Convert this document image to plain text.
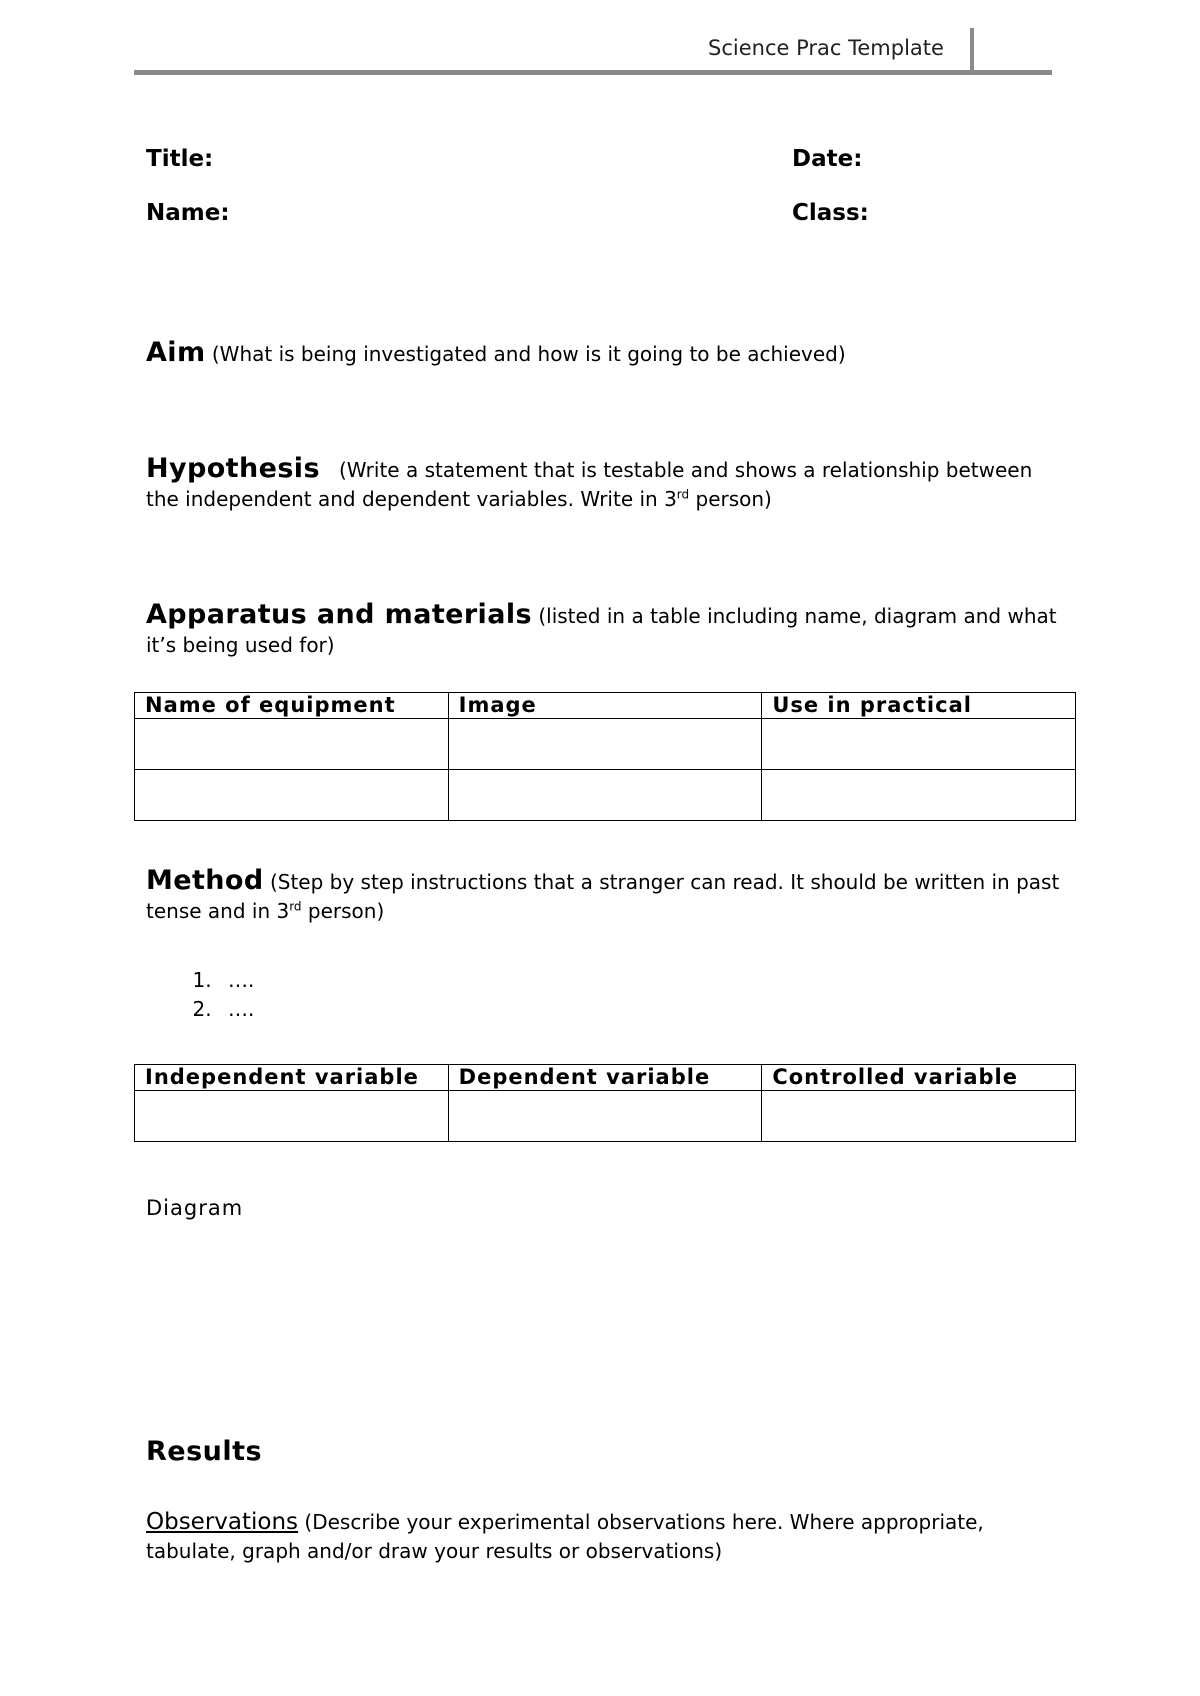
Science Prac Template
Title:	Date:
Name:	Class:
Aim (What is being investigated and how is it going to be achieved)
Hypothesis (Write a statement that is testable and shows a relationship between the independent and dependent variables. Write in 3rd person)
Apparatus and materials (listed in a table including name, diagram and what it’s being used for)
Name of equipment	Image	Use in practical

Method (Step by step instructions that a stranger can read. It should be written in past tense and in 3rd person)
1. ….
2. ….
Independent variable	Dependent variable	Controlled variable

Diagram
Results
Observations (Describe your experimental observations here. Where appropriate, tabulate, graph and/or draw your results or observations)
